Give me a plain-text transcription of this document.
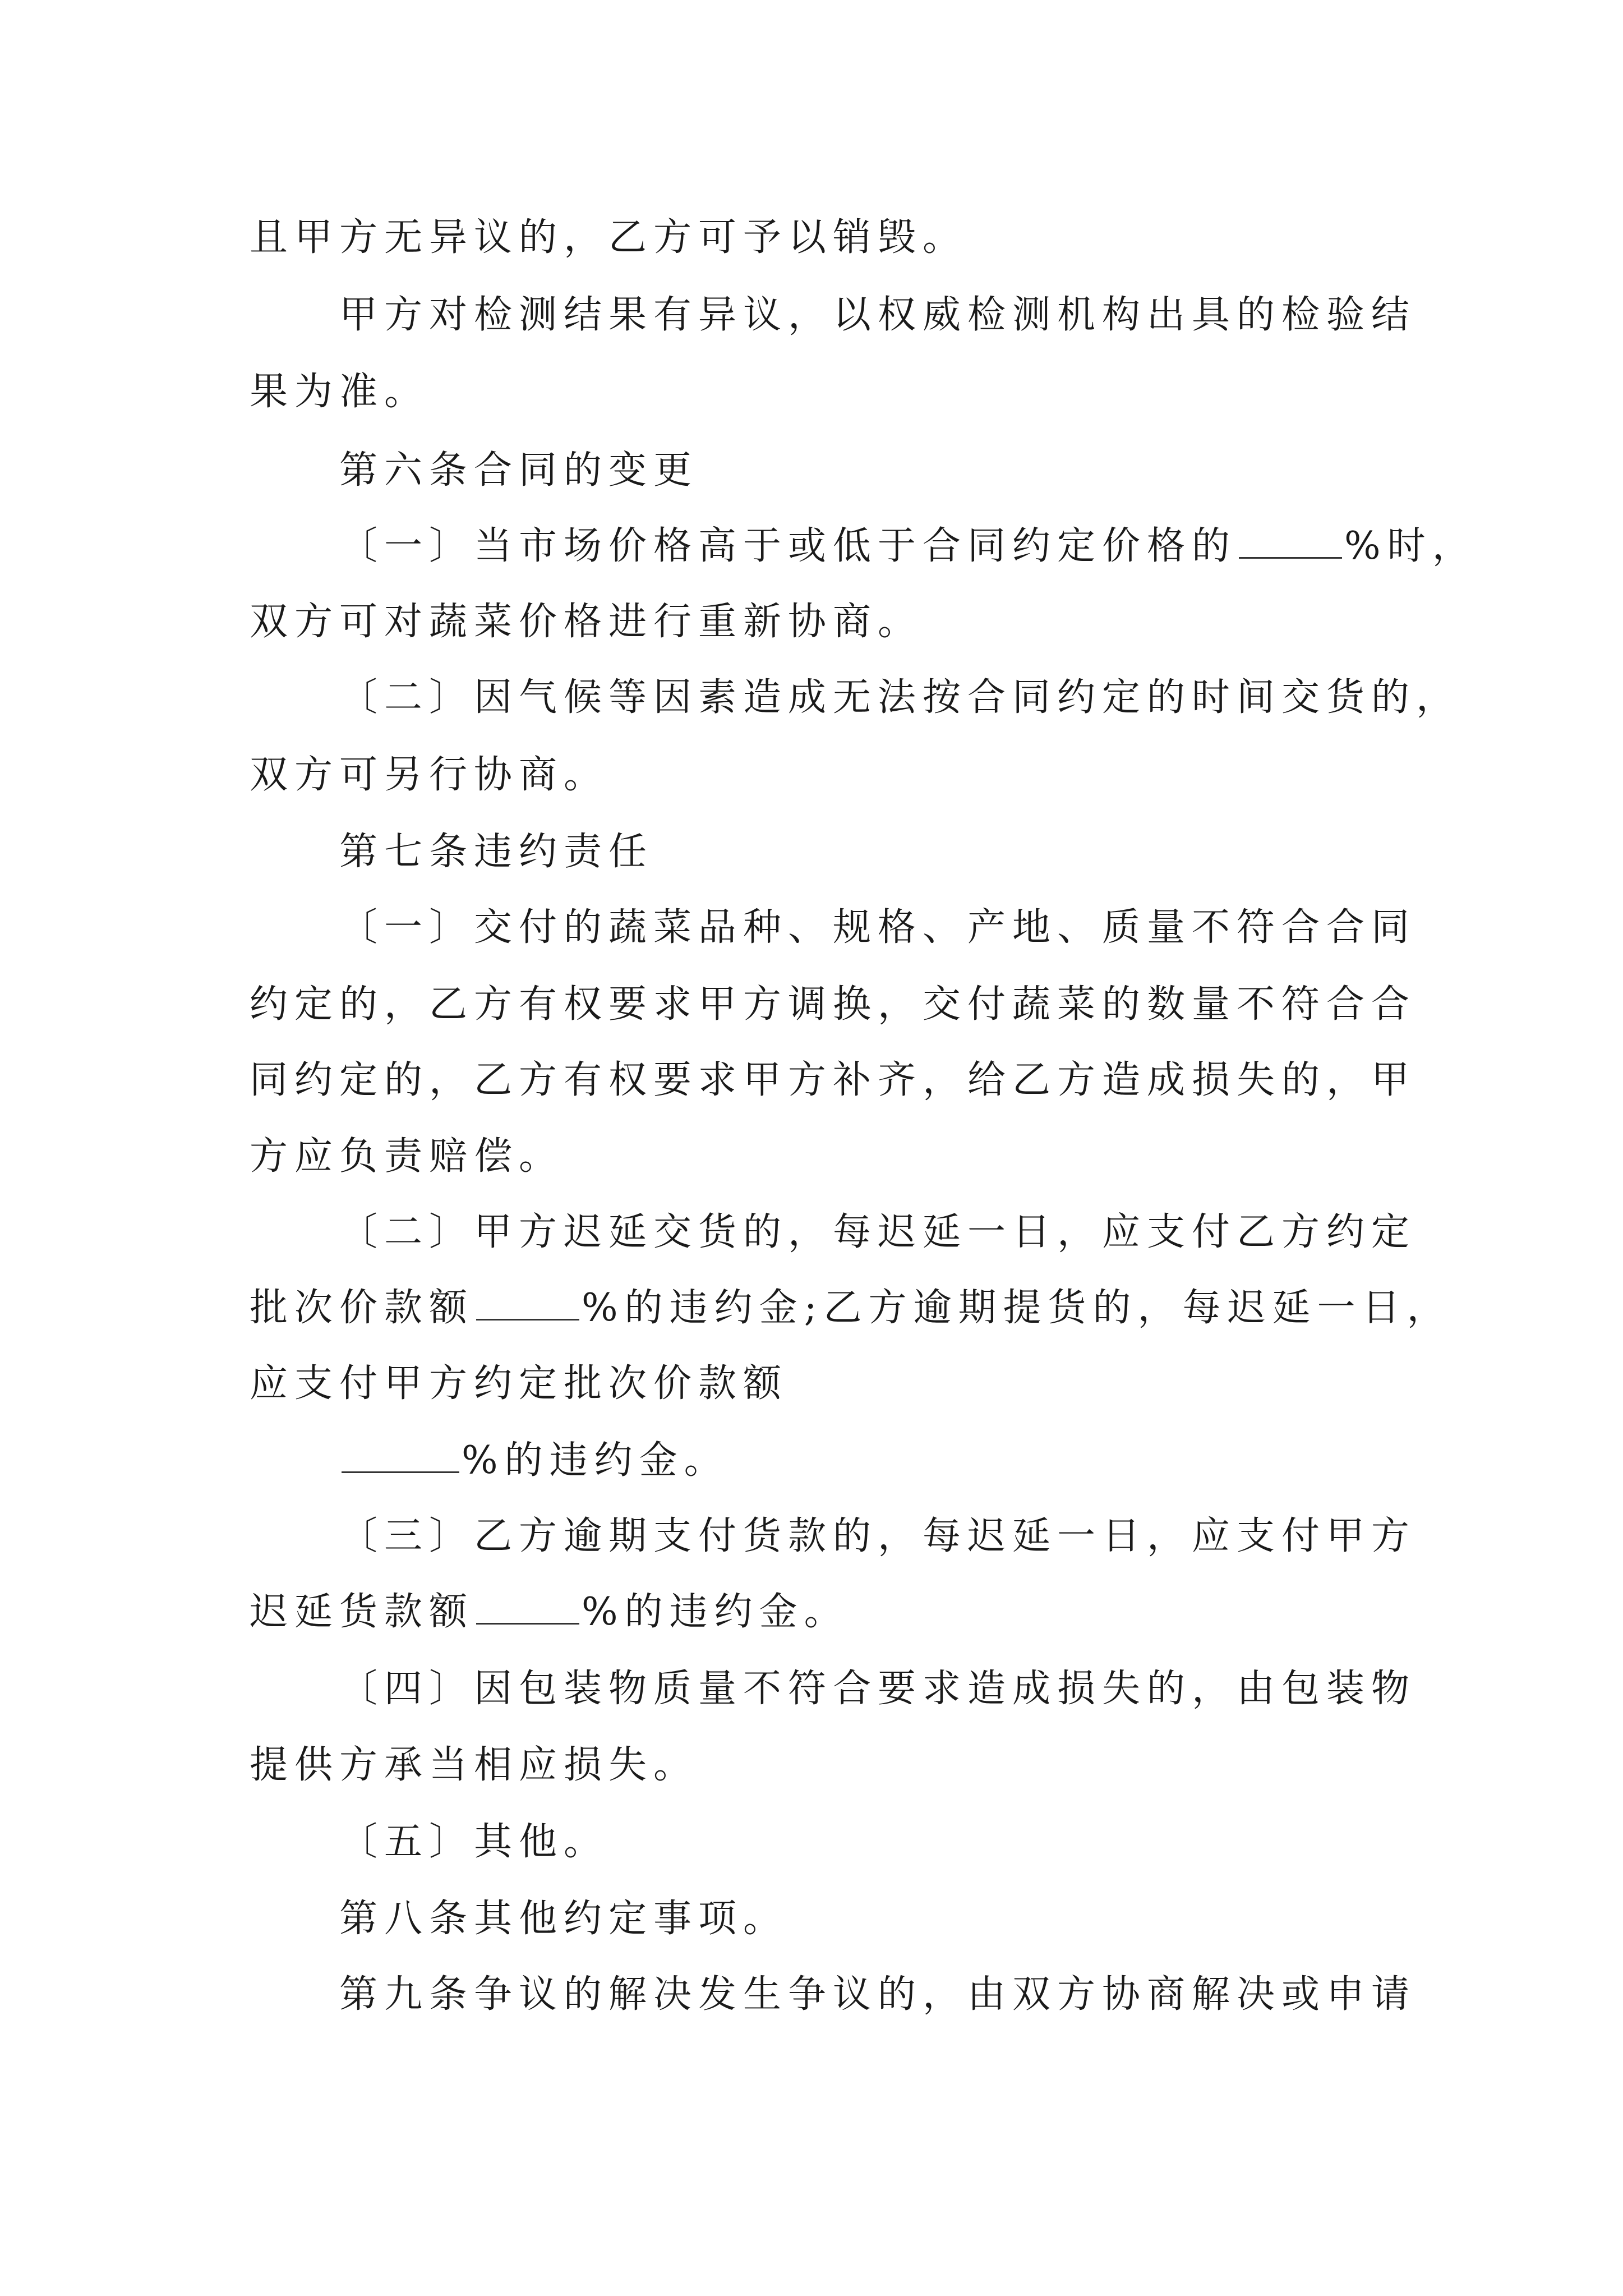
且甲方无异议的，乙方可予以销毁。
甲方对检测结果有异议，以权威检测机构出具的检验结
果为准。
第六条合同的变更
〔一〕当市场价格高于或低于合同约定价格的	%时，
双方可对蔬菜价格进行重新协商。
〔二〕因气候等因素造成无法按合同约定的时间交货的，
双方可另行协商。
第七条违约责任
〔一〕交付的蔬菜品种、规格、产地、质量不符合合同
约定的，乙方有权要求甲方调换，交付蔬菜的数量不符合合
同约定的，乙方有权要求甲方补齐，给乙方造成损失的，甲
方应负责赔偿。
〔二〕甲方迟延交货的，每迟延一日，应支付乙方约定
批次价款额	%的违约金;乙方逾期提货的，每迟延一日，
应支付甲方约定批次价款额
%的违约金。
〔三〕乙方逾期支付货款的，每迟延一日，应支付甲方
迟延货款额	%的违约金。
〔四〕因包装物质量不符合要求造成损失的，由包装物
提供方承当相应损失。
〔五〕其他。
第八条其他约定事项。
第九条争议的解决发生争议的，由双方协商解决或申请
